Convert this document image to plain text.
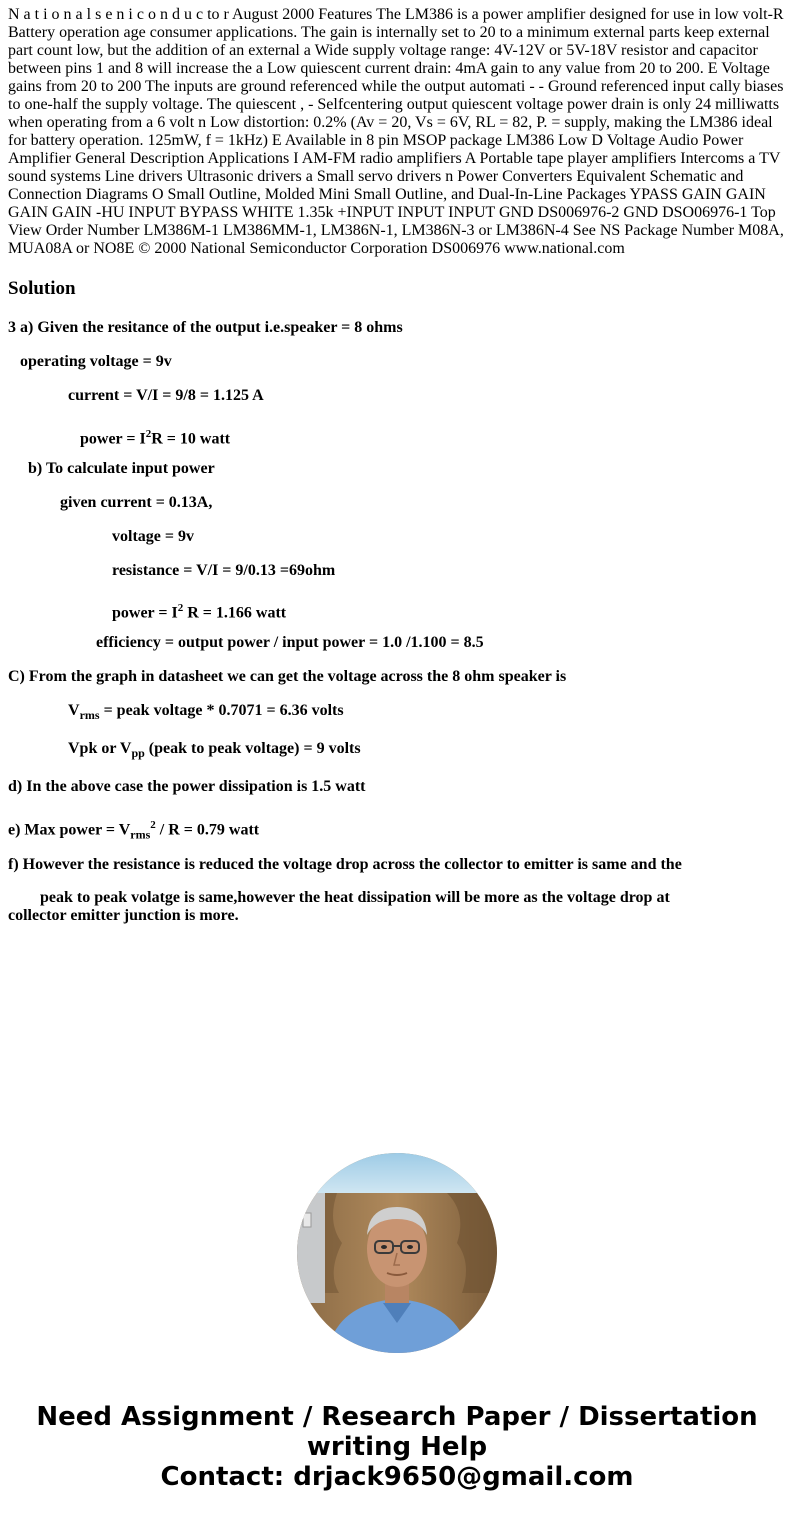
N a t i o n a l s e n i c o n d u c to r August 2000 Features The LM386 is a power amplifier designed for use in low volt-R Battery operation age consumer applications. The gain is internally set to 20 to a minimum external parts keep external part count low, but the addition of an external a Wide supply voltage range: 4V-12V or 5V-18V resistor and capacitor between pins 1 and 8 will increase the a Low quiescent current drain: 4mA gain to any value from 20 to 200. E Voltage gains from 20 to 200 The inputs are ground referenced while the output automati - - Ground referenced input cally biases to one-half the supply voltage. The quiescent , - Selfcentering output quiescent voltage power drain is only 24 milliwatts when operating from a 6 volt n Low distortion: 0.2% (Av = 20, Vs = 6V, RL = 82, P. = supply, making the LM386 ideal for battery operation. 125mW, f = 1kHz) E Available in 8 pin MSOP package LM386 Low D Voltage Audio Power Amplifier General Description Applications I AM-FM radio amplifiers A Portable tape player amplifiers Intercoms a TV sound systems Line drivers Ultrasonic drivers a Small servo drivers n Power Converters Equivalent Schematic and Connection Diagrams O Small Outline, Molded Mini Small Outline, and Dual-In-Line Packages YPASS GAIN GAIN GAIN GAIN -HU INPUT BYPASS WHITE 1.35k +INPUT INPUT INPUT GND DS006976-2 GND DSO06976-1 Top View Order Number LM386M-1 LM386MM-1, LM386N-1, LM386N-3 or LM386N-4 See NS Package Number M08A, MUA08A or NO8E © 2000 National Semiconductor Corporation DS006976 www.national.com

Solution
3 a) Given the resitance of the output i.e.speaker = 8 ohms
operating voltage = 9v
current = V/I = 9/8 = 1.125 A
power = $I^2R = 10$ watt
b) To calculate input power
given current = 0.13A,
voltage = 9v
resistance = V/I = 9/0.13 =69ohm
power = $I^2$ R = 1.166 watt
efficiency = output power / input power = 1.0 /1.100 = 8.5
C) From the graph in datasheet we can get the voltage across the 8 ohm speaker is
$V_{rms}$ = peak voltage * 0.7071 = 6.36 volts
Vpk or $V_{pp}$ (peak to peak voltage) = 9 volts
d) In the above case the power dissipation is 1.5 watt
e) Max power = $V_{rms}^2 / R = 0.79$ watt
f) However the resistance is reduced the voltage drop across the collector to emitter is same and the
peak to peak volatge is same,however the heat dissipation will be more as the voltage drop at
collector emitter junction is more.
Need Assignment / Research Paper / Dissertation
writing Help
Contact: drjack9650@gmail.com
